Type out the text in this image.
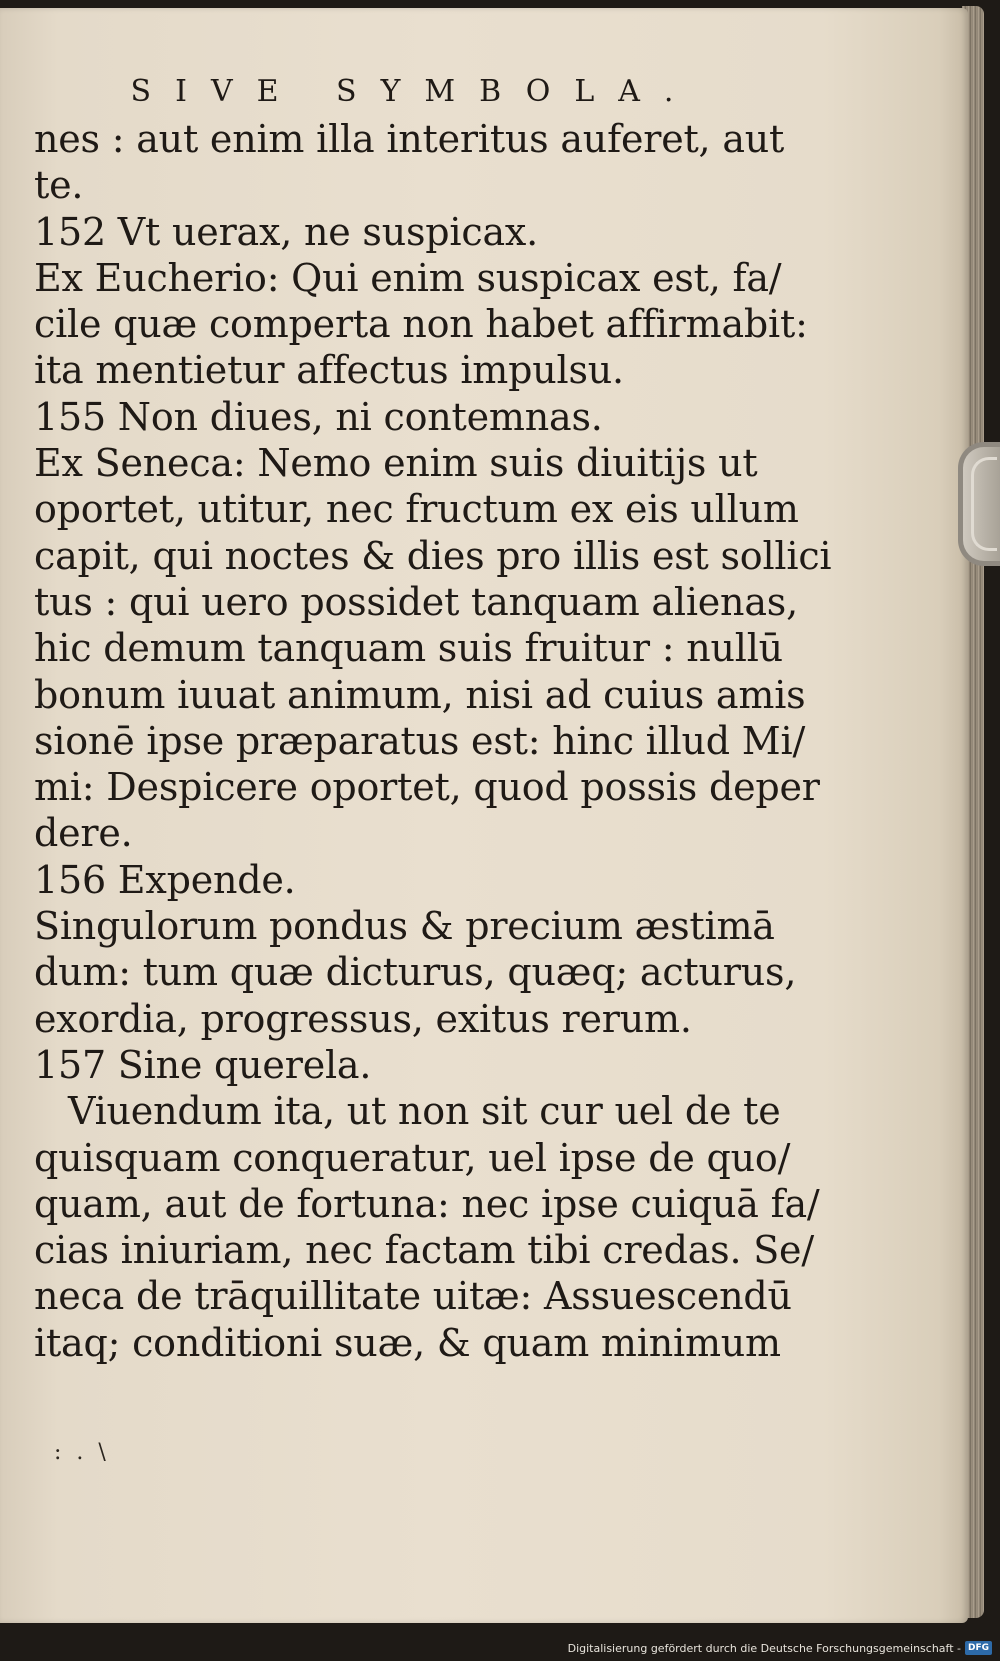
SIVE SYMBOLA.
nes : aut enim illa interitus auferet, aut
te.
152 Vt uerax, ne suspicax.
Ex Eucherio: Qui enim suspicax est, fa/
cile quæ comperta non habet affirmabit:
ita mentietur affectus impulsu.
155 Non diues, ni contemnas.
Ex Seneca: Nemo enim suis diuitijs ut
oportet, utitur, nec fructum ex eis ullum
capit, qui noctes & dies pro illis est sollici
tus : qui uero possidet tanquam alienas,
hic demum tanquam suis fruitur : nullū
bonum iuuat animum, nisi ad cuius amis
sionē ipse præparatus est: hinc illud Mi/
mi: Despicere oportet, quod possis deper
dere.
156 Expende.
Singulorum pondus & precium æstimā
dum: tum quæ dicturus, quæq; acturus,
exordia, progressus, exitus rerum.
157 Sine querela.
Viuendum ita, ut non sit cur uel de te
quisquam conqueratur, uel ipse de quo/
quam, aut de fortuna: nec ipse cuiquā fa/
cias iniuriam, nec factam tibi credas. Se/
neca de trāquillitate uitæ: Assuescendū
itaq; conditioni suæ, & quam minimum
: . \
Digitalisierung gefördert durch die Deutsche Forschungsgemeinschaft - DFG
